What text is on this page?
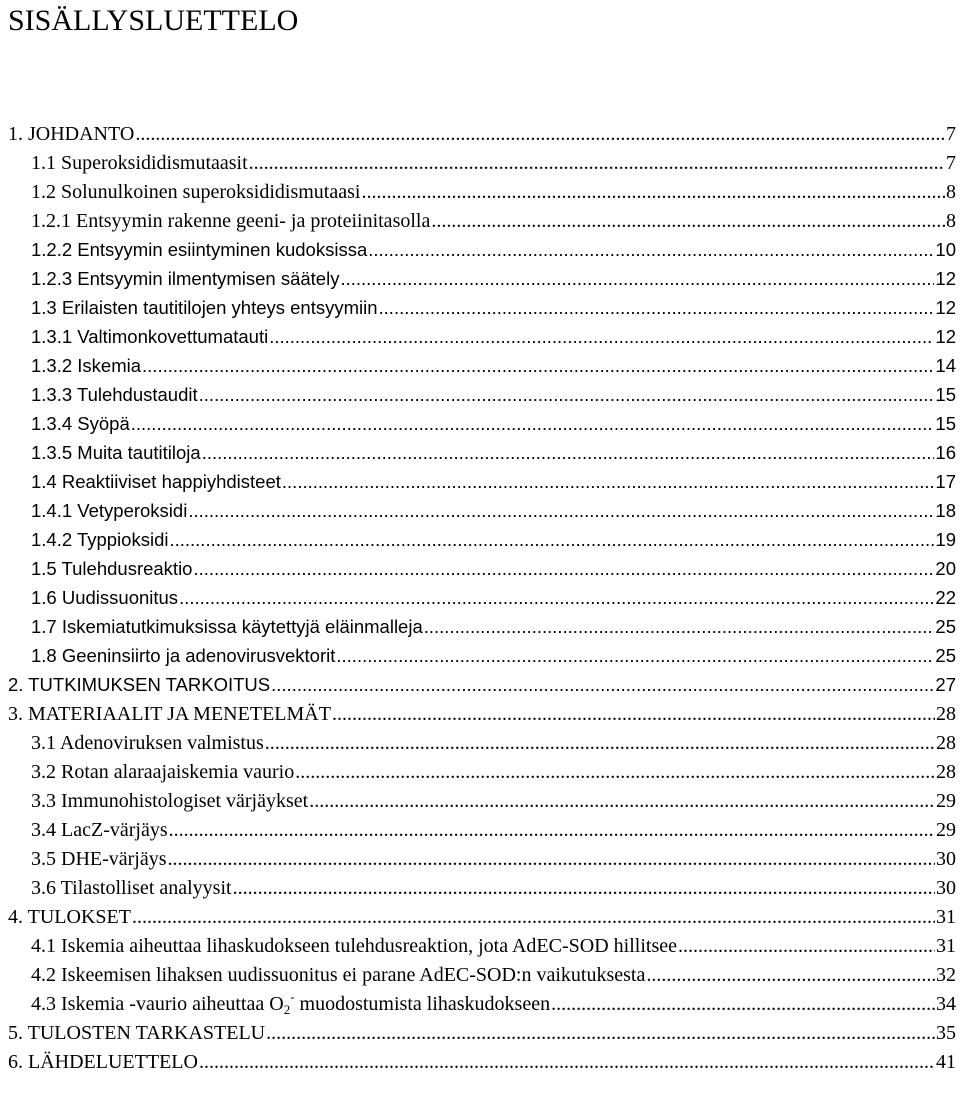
SISÄLLYSLUETTELO
1. JOHDANTO .....	7
1.1 Superoksididismutaasit .....	7
1.2 Solunulkoinen superoksididismutaasi .....	8
1.2.1 Entsyymin rakenne geeni- ja proteiinitasolla .....	8
1.2.2 Entsyymin esiintyminen kudoksissa .....	10
1.2.3 Entsyymin ilmentymisen säätely .....	12
1.3 Erilaisten tautitilojen yhteys entsyymiin .....	12
1.3.1 Valtimonkovettumatauti .....	12
1.3.2 Iskemia .....	14
1.3.3 Tulehdustaudit .....	15
1.3.4 Syöpä .....	15
1.3.5 Muita tautitiloja .....	16
1.4 Reaktiiviset happiyhdisteet .....	17
1.4.1 Vetyperoksidi .....	18
1.4.2 Typpioksidi .....	19
1.5 Tulehdusreaktio .....	20
1.6 Uudissuonitus .....	22
1.7 Iskemiatutkimuksissa käytettyjä eläinmalleja .....	25
1.8 Geeninsiirto ja adenovirusvektorit .....	25
2. TUTKIMUKSEN TARKOITUS .....	27
3. MATERIAALIT JA MENETELMÄT .....	28
3.1 Adenoviruksen valmistus .....	28
3.2 Rotan alaraajaiskemia vaurio .....	28
3.3 Immunohistologiset värjäykset .....	29
3.4 LacZ-värjäys .....	29
3.5 DHE-värjäys .....	30
3.6 Tilastolliset analyysit .....	30
4. TULOKSET .....	31
4.1 Iskemia aiheuttaa lihaskudokseen tulehdusreaktion, jota AdEC-SOD hillitsee .....	31
4.2 Iskeemisen lihaksen uudissuonitus ei parane AdEC-SOD:n vaikutuksesta .....	32
4.3 Iskemia -vaurio aiheuttaa $O_2^-$ muodostumista lihaskudokseen .....	34
5. TULOSTEN TARKASTELU .....	35
6. LÄHDELUETTELO .....	41
